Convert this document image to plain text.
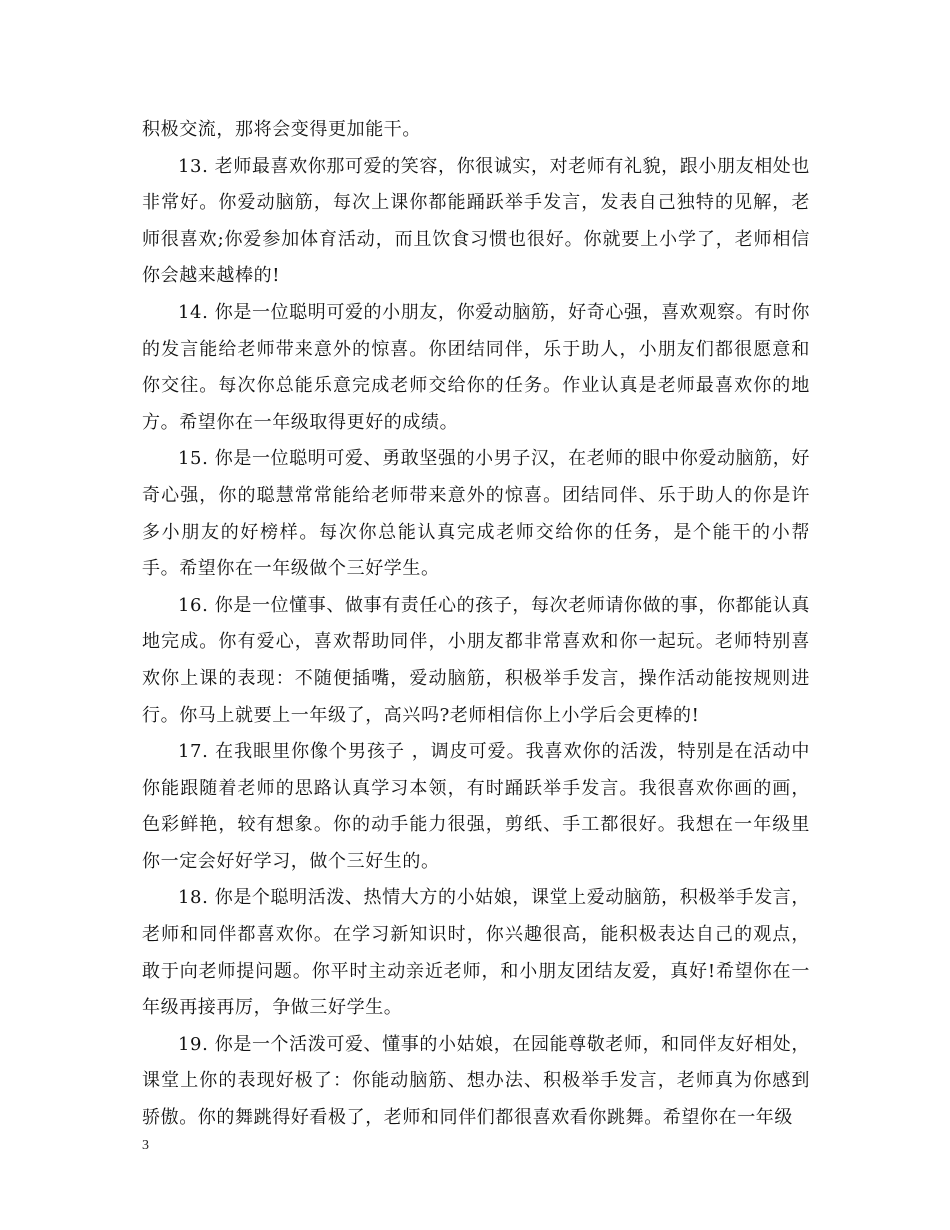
积极交流，那将会变得更加能干。

13. 老师最喜欢你那可爱的笑容，你很诚实，对老师有礼貌，跟小朋友相处也非常好。你爱动脑筋，每次上课你都能踊跃举手发言，发表自己独特的见解，老师很喜欢;你爱参加体育活动，而且饮食习惯也很好。你就要上小学了，老师相信你会越来越棒的!

14. 你是一位聪明可爱的小朋友，你爱动脑筋，好奇心强，喜欢观察。有时你的发言能给老师带来意外的惊喜。你团结同伴，乐于助人，小朋友们都很愿意和你交往。每次你总能乐意完成老师交给你的任务。作业认真是老师最喜欢你的地方。希望你在一年级取得更好的成绩。

15. 你是一位聪明可爱、勇敢坚强的小男子汉，在老师的眼中你爱动脑筋，好奇心强，你的聪慧常常能给老师带来意外的惊喜。团结同伴、乐于助人的你是许多小朋友的好榜样。每次你总能认真完成老师交给你的任务，是个能干的小帮手。希望你在一年级做个三好学生。

16. 你是一位懂事、做事有责任心的孩子，每次老师请你做的事，你都能认真地完成。你有爱心，喜欢帮助同伴，小朋友都非常喜欢和你一起玩。老师特别喜欢你上课的表现：不随便插嘴，爱动脑筋，积极举手发言，操作活动能按规则进行。你马上就要上一年级了，高兴吗?老师相信你上小学后会更棒的!

17. 在我眼里你像个男孩子 ，调皮可爱。我喜欢你的活泼，特别是在活动中你能跟随着老师的思路认真学习本领，有时踊跃举手发言。我很喜欢你画的画，色彩鲜艳，较有想象。你的动手能力很强，剪纸、手工都很好。我想在一年级里你一定会好好学习，做个三好生的。

18. 你是个聪明活泼、热情大方的小姑娘，课堂上爱动脑筋，积极举手发言，老师和同伴都喜欢你。在学习新知识时，你兴趣很高，能积极表达自己的观点，敢于向老师提问题。你平时主动亲近老师，和小朋友团结友爱，真好!希望你在一年级再接再厉，争做三好学生。

19. 你是一个活泼可爱、懂事的小姑娘，在园能尊敬老师，和同伴友好相处，课堂上你的表现好极了：你能动脑筋、想办法、积极举手发言，老师真为你感到骄傲。你的舞跳得好看极了，老师和同伴们都很喜欢看你跳舞。希望你在一年级

3
